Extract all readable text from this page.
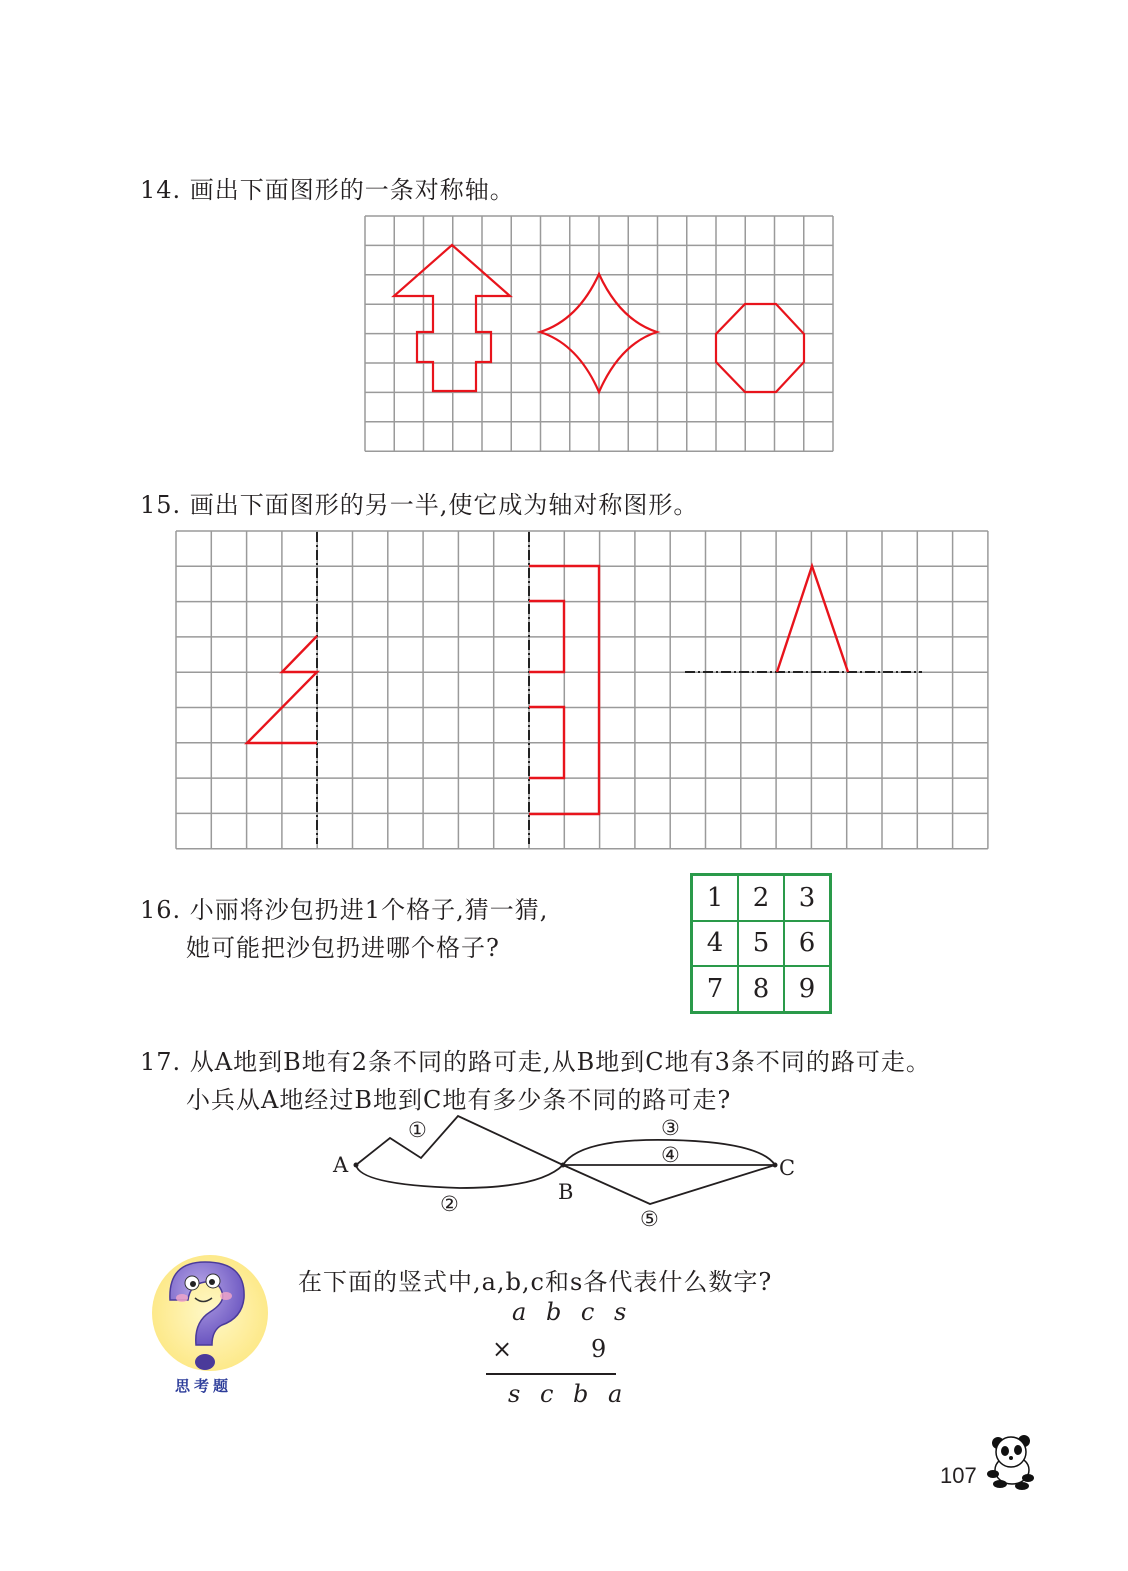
14. 画出下面图形的一条对称轴。
15. 画出下面图形的另一半,使它成为轴对称图形。
16. 小丽将沙包扔进1个格子,猜一猜,
她可能把沙包扔进哪个格子?
1	2	3
4	5	6
7	8	9
17. 从A地到B地有2条不同的路可走,从B地到C地有3条不同的路可走。
小兵从A地经过B地到C地有多少条不同的路可走?
A
B
C
①
②
③
④
⑤
思考题
在下面的竖式中,a,b,c和s各代表什么数字?
a b c s
×	9
s c b a
107
